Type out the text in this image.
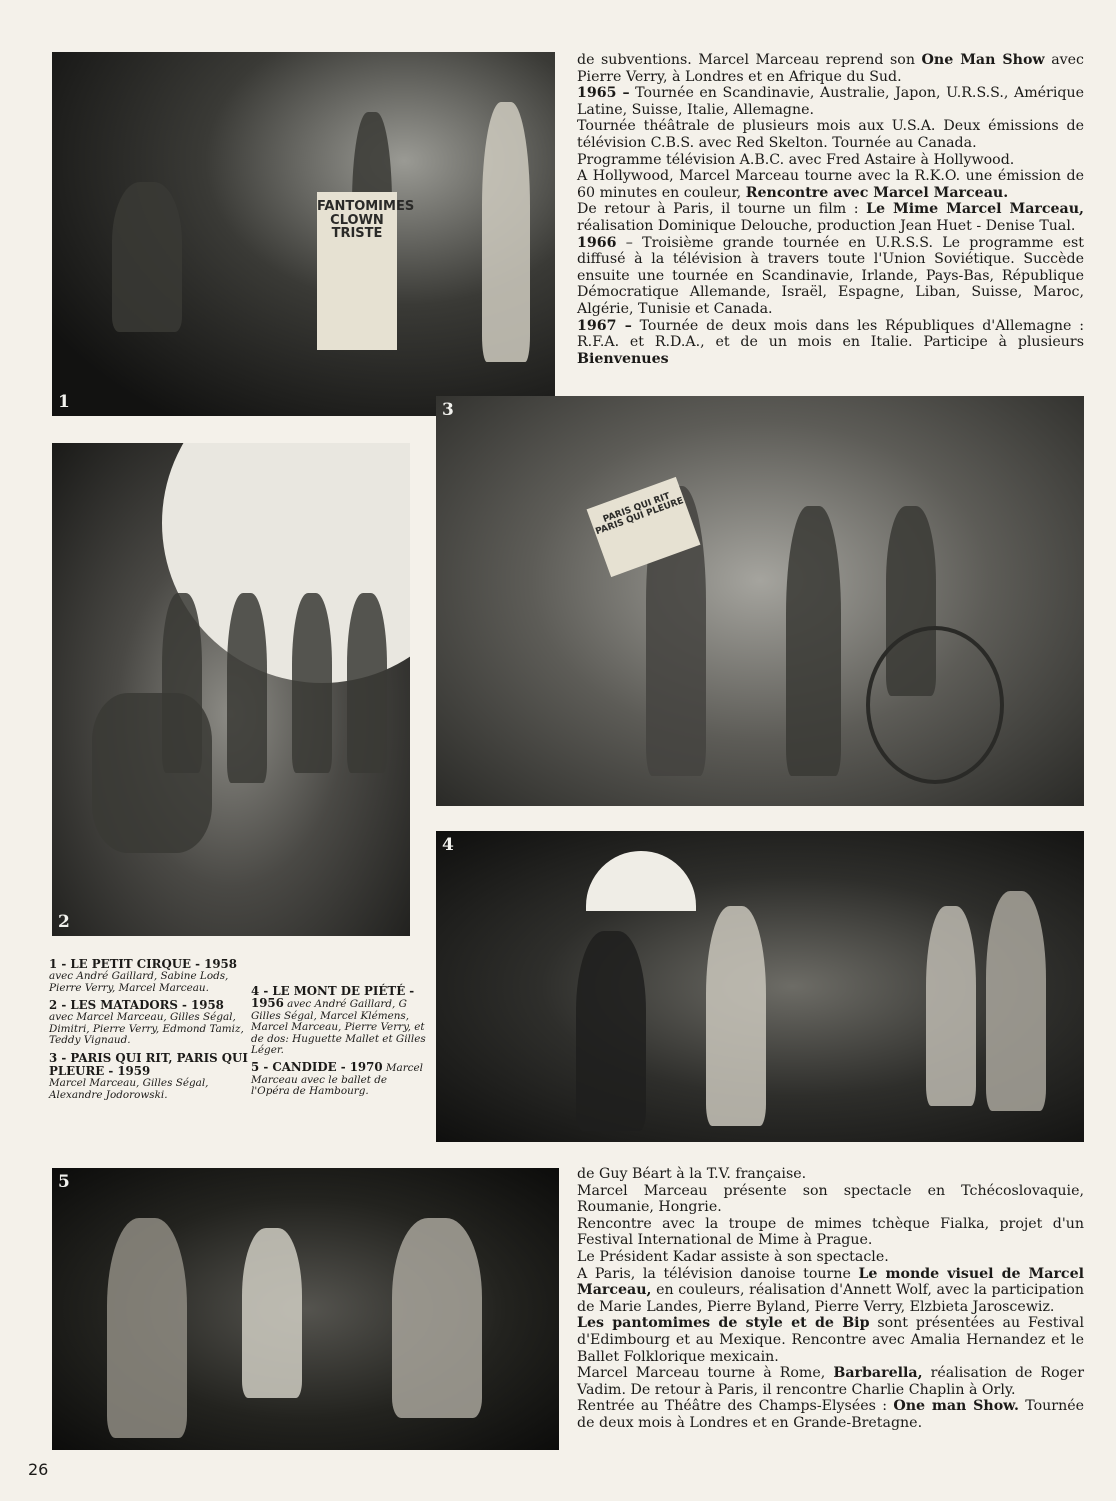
FANTOMIMES
CLOWN
TRISTE
1

de subventions. Marcel Marceau reprend son One Man Show avec Pierre Verry, à Londres et en Afrique du Sud.

1965 – Tournée en Scandinavie, Australie, Japon, U.R.S.S., Amérique Latine, Suisse, Italie, Allemagne.

Tournée théâtrale de plusieurs mois aux U.S.A. Deux émissions de télévision C.B.S. avec Red Skelton. Tournée au Canada.

Programme télévision A.B.C. avec Fred Astaire à Hollywood.

A Hollywood, Marcel Marceau tourne avec la R.K.O. une émission de 60 minutes en couleur, Rencontre avec Marcel Marceau.

De retour à Paris, il tourne un film : Le Mime Marcel Marceau, réalisation Dominique Delouche, production Jean Huet - Denise Tual.

1966 – Troisième grande tournée en U.R.S.S. Le programme est diffusé à la télévision à travers toute l'Union Soviétique. Succède ensuite une tournée en Scandinavie, Irlande, Pays-Bas, République Démocratique Allemande, Israël, Espagne, Liban, Suisse, Maroc, Algérie, Tunisie et Canada.

1967 – Tournée de deux mois dans les Républiques d'Allemagne : R.F.A. et R.D.A., et de un mois en Italie. Participe à plusieurs Bienvenues

2
PARIS QUI RIT
PARIS QUI PLEURE
3
4
1 - LE PETIT CIRQUE - 1958
avec André Gaillard, Sabine Lods, Pierre Verry, Marcel Marceau.
2 - LES MATADORS - 1958
avec Marcel Marceau, Gilles Ségal, Dimitri, Pierre Verry, Edmond Tamiz, Teddy Vignaud.
3 - PARIS QUI RIT, PARIS QUI PLEURE - 1959
Marcel Marceau, Gilles Ségal, Alexandre Jodorowski.
4 - LE MONT DE PIÉTÉ -
1956 avec André Gaillard, G Gilles Ségal, Marcel Klémens, Marcel Marceau, Pierre Verry, et de dos: Huguette Mallet et Gilles Léger.
5 - CANDIDE - 1970 Marcel Marceau avec le ballet de l'Opéra de Hambourg.
5	de Guy Béart à la T.V. française.

Marcel Marceau présente son spectacle en Tchécoslovaquie, Roumanie, Hongrie.

Rencontre avec la troupe de mimes tchèque Fialka, projet d'un Festival International de Mime à Prague.

Le Président Kadar assiste à son spectacle.

A Paris, la télévision danoise tourne Le monde visuel de Marcel Marceau, en couleurs, réalisation d'Annett Wolf, avec la participation de Marie Landes, Pierre Byland, Pierre Verry, Elzbieta Jaroscewiz.

Les pantomimes de style et de Bip sont présentées au Festival d'Edimbourg et au Mexique. Rencontre avec Amalia Hernandez et le Ballet Folklorique mexicain.

Marcel Marceau tourne à Rome, Barbarella, réalisation de Roger Vadim. De retour à Paris, il rencontre Charlie Chaplin à Orly.

Rentrée au Théâtre des Champs-Elysées : One man Show. Tournée de deux mois à Londres et en Grande-Bretagne.

26
